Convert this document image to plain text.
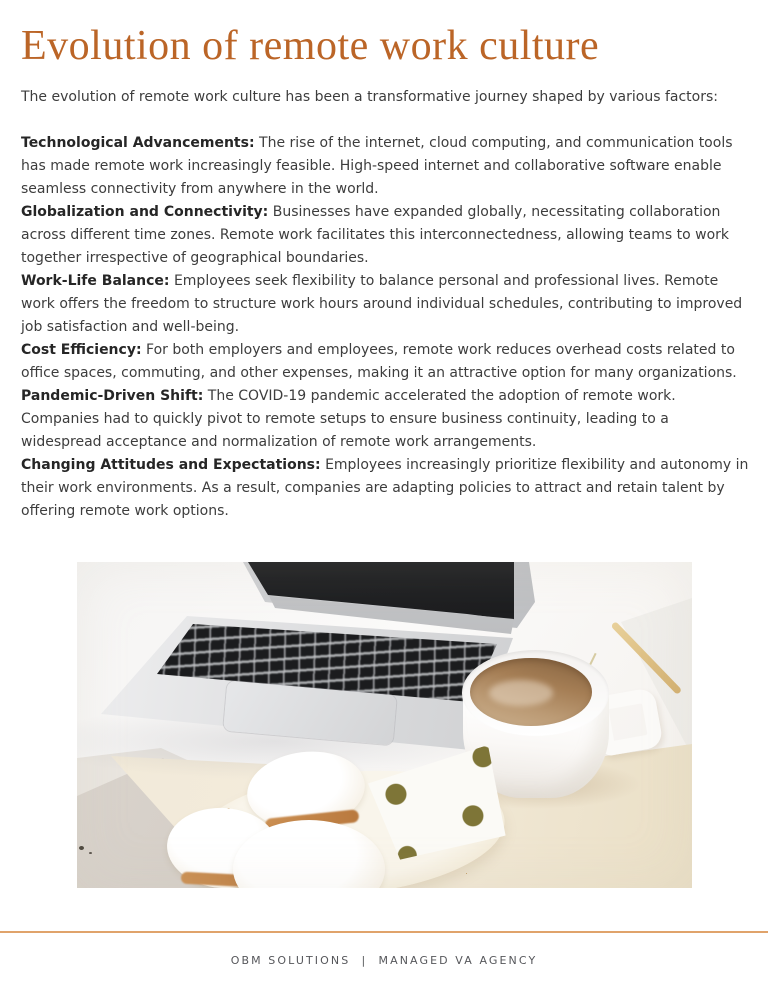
Evolution of remote work culture

The evolution of remote work culture has been a transformative journey shaped by various factors:

Technological Advancements: The rise of the internet, cloud computing, and communication tools has made remote work increasingly feasible. High-speed internet and collaborative software enable seamless connectivity from anywhere in the world.

Globalization and Connectivity: Businesses have expanded globally, necessitating collaboration across different time zones. Remote work facilitates this interconnectedness, allowing teams to work together irrespective of geographical boundaries.

Work-Life Balance: Employees seek flexibility to balance personal and professional lives. Remote work offers the freedom to structure work hours around individual schedules, contributing to improved job satisfaction and well-being.

Cost Efficiency: For both employers and employees, remote work reduces overhead costs related to office spaces, commuting, and other expenses, making it an attractive option for many organizations.

Pandemic-Driven Shift: The COVID-19 pandemic accelerated the adoption of remote work. Companies had to quickly pivot to remote setups to ensure business continuity, leading to a widespread acceptance and normalization of remote work arrangements.

Changing Attitudes and Expectations: Employees increasingly prioritize flexibility and autonomy in their work environments. As a result, companies are adapting policies to attract and retain talent by offering remote work options.

OBM SOLUTIONS  |  MANAGED VA AGENCY
